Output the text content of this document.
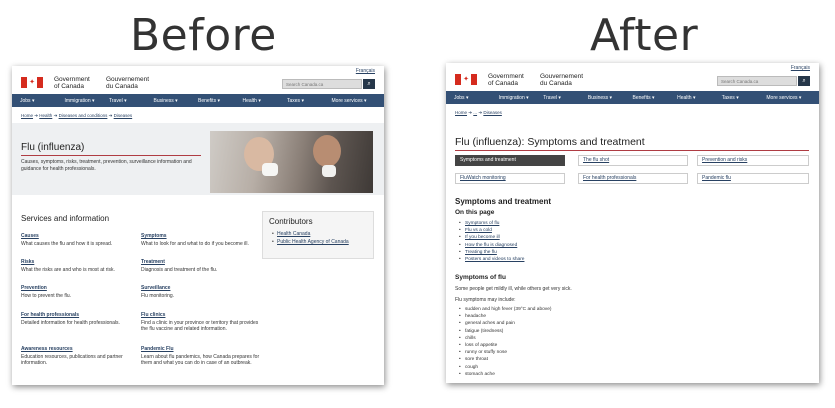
Before	After
Français
✦	Government
of Canada
Gouvernement
du Canada	Search Canada.ca	⌕
Jobs ▾	Immigration ▾	Travel ▾	Business ▾	Benefits ▾	Health ▾	Taxes ▾	More services ▾
Home ➔ Health ➔ Diseases and conditions ➔ Diseases
Flu (influenza)
Causes, symptoms, risks, treatment, prevention, surveillance information and guidance for health professionals.
Services and information
Causes
What causes the flu and how it is spread.
Symptoms
What to look for and what to do if you become ill.
Risks
What the risks are and who is most at risk.
Treatment
Diagnosis and treatment of the flu.
Prevention
How to prevent the flu.
Surveillance
Flu monitoring.
For health professionals
Detailed information for health professionals.
Flu clinics
Find a clinic in your province or territory that provides the flu vaccine and related information.
Awareness resources
Education resources, publications and partner information.
Pandemic Flu
Learn about flu pandemics, how Canada prepares for them and what you can do in case of an outbreak.
Contributors
• Health Canada
• Public Health Agency of Canada
Français
✦	Government
of Canada
Gouvernement
du Canada	Search Canada.ca	⌕
Jobs ▾	Immigration ▾	Travel ▾	Business ▾	Benefits ▾	Health ▾	Taxes ▾	More services ▾
Home ➔ ... ➔ Diseases
Flu (influenza): Symptoms and treatment
Symptoms and treatment	The flu shot	Prevention and risks
FluWatch monitoring	For health professionals	Pandemic flu
Symptoms and treatment
On this page
• Symptoms of flu
• Flu vs a cold
• If you become ill
• How the flu is diagnosed
• Treating the flu
• Posters and videos to share
Symptoms of flu
Some people get mildly ill, while others get very sick.
Flu symptoms may include:
• sudden and high fever (39°C and above)
• headache
• general aches and pain
• fatigue (tiredness)
• chills
• loss of appetite
• runny or stuffy nose
• sore throat
• cough
• stomach ache
